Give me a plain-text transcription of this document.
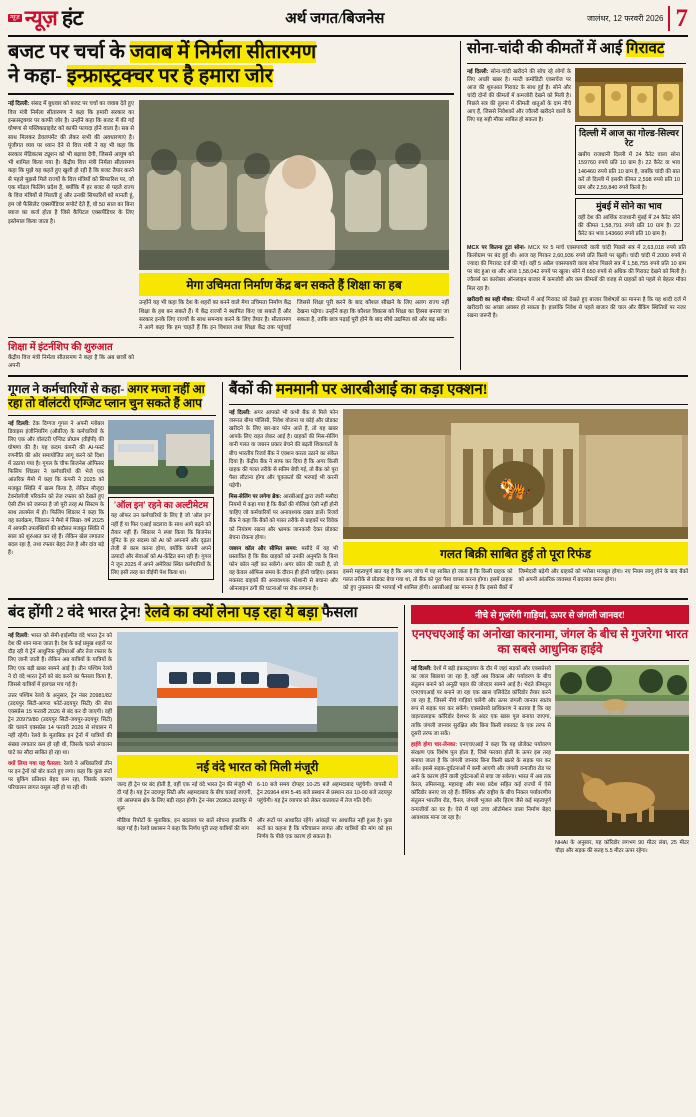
न्यूज़ न्यूज़ हंट	अर्थ जगत/बिजनेस	जालंधर, 12 फरवरी 2026 7
बजट पर चर्चा के जवाब में निर्मला सीतारमण
ने कहा- इन्फ्रास्ट्रक्चर पर है हमारा जोर
नई दिल्ली: संसद में बुधवार को बजट पर चर्चा का जवाब देते हुए वित्त मंत्री निर्मला सीतारमण ने कहा कि हमारी सरकार का इन्फ्रास्ट्रक्चर पर काफी जोर है। उन्होंने कहा कि बजट में की गई घोषणा से पब्लिकप्राइवेट को काफी फायदा होने वाला है। सब से साथ मिलकर डेवलपमेंट की लेकर सभी की अवधारणाएं है। पूंजीगत व्यय पर ध्यान देने से वित्त मंत्री ने यह भी कहा कि सरकार मेडिकल्स ट्यूशन को भी बढ़ावा देगी, जिससे आयुष को भी शामिल किया गया है। केंद्रीय वित्त मंत्री निर्मला सीतारमण कहा कि मुझे यह कहते हुए खुशी हो रही है कि बजट तैयार करने से पहले मुझसे मिले राज्यों के वित्त मंत्रियों को सिफारिश पर, जो एक मॉडल फिलिंग प्रदेश है, क्योंकि मैं हर बजट से पहले राज्य के वित्त मंत्रियों से मिलती हूं और उनकी सिफारिशें को मानती हूं, हम जो फैसिलेट एक्सपेंडिचर सपोर्ट देते हैं, वो 50 साल का बिना ब्याज का कर्ज होता है जिसे कैपिटल एक्सपेंडिचर के लिए इस्तेमाल किया जाता है।
मेगा उचिमता निर्माण केंद्र बन सकते हैं शिक्षा का हब
उन्होंने यह भी कहा कि देश के शहरों का बनने वाले मेगा उचिमता निर्माण केंद्र शिक्षा के हब बन सकते हैं। ये केंद्र राज्यों ने स्थापित किए जा सकते हैं और सरकार इनके लिए राज्यों के साथ समन्वय करने के लिए तैयार है। सीतारमण ने आगे कहा कि हम चाहते हैं कि इन विशाल तथा शिक्षा केंद्र तक पहुंचाई जिससे शिक्षा पूरी करने के बाद कौशल सीखने के लिए अलग राज्य नहीं देखना पड़ेगा। उन्होंने कहा कि कौशल विकास को शिक्षा का हिस्सा बनाया जा सकता है, ताकि छात्र पढ़ाई पूरी होने के बाद सीधे उद्यमिता को ओर बढ़ सकें।
शिक्षा में इंटर्नशिप की शुरुआत
केंद्रीय वित्त मंत्री निर्मला सीतारमण ने कहा है कि अब छात्रों को अपनी
सोना-चांदी की कीमतों में आई गिरावट
नई दिल्ली: सोना-चांदी खरीदने की सोच रहे लोगों के लिए अच्छी खबर है। मल्टी कमोडिटी एक्सचेंज पर आज की शुरुआत गिरावट के साथ हुई है। सोने और चांदी दोनों की कीमतों में कमजोरी देखने को मिली है। पिछले सत्र की तुलना में कीमती धातुओं के दाम नीचे आए हैं, जिससे निवेशकों और ज्वैलरी खरीदने वालों के लिए यह सही मौका साबित हो सकता है।
दिल्ली में आज का गोल्ड-सिल्वर रेट
खबीय राजधानी दिल्ली में 24 कैरेट वाला सोना 159760 रुपये प्रति 10 ग्राम है। 22 कैरेट वा भाव 146460 रुपये प्रति 10 ग्राम है, जबकि चांदी की बात करें तो दिल्ली में इसकी कीमत 2,598 रुपये प्रति 10 ग्राम और 2,59,840 रुपये किलो है।
मुंबई में सोने का भाव
वहीं देश की आर्थिक राजधानी मुंबई में 24 कैरेट सोने की कीमत 1,58,791 रुपये प्रति 10 ग्राम है। 22 कैरेट का भाव 143660 रुपये प्रति 10 ग्राम है।
MCX पर कितना टूटा सोना- MCX पर 5 मार्च एक्सपायरी वाली चांदी पिछले सत्र में 2,63,018 रुपये प्रति किलोग्राम पर बंद हुई थी। आज वह गिरकर 2,60,936 रुपये प्रति किलो पर खुली। चांदी चांदी में 2000 रुपये से ज्यादा की गिरावट दर्ज की गई। वहीं 5 अप्रैल एक्सपायरी वाला सोना पिछले सत्र में 1,58,755 रुपये प्रति 10 ग्राम पर बंद हुआ था और आज 1,58,042 रुपये पर खुला। सोने में 650 रुपये से अधिक की गिरावट देखने को मिली है। ज्वैलर्स का कारोबार ऑनलाइन बाजार में कमजोरी और कम कीमतों की वजह से ग्राहकों को पहले से बेहतर मौका मिल रहा है।
खरीदारी का सही मौका: कीमतों में आई गिरावट को देखते हुए बाजार विशेषज्ञों का मानना है कि यह शादी दर्ज में खरीदारी का अच्छा अवसर हो सकता है। हालांकि निवेश से पहले बाजार की चाल और बैंकिंग स्थितियों पर नजर रखना जरूरी है।
गूगल ने कर्मचारियों से कहा- अगर मजा नहीं आ रहा तो वॉलंटरी एग्जिट प्लान चुन सकते हैं आप
नई दिल्ली: टेक दिग्गज गूगल ने अपनी ग्लोबल डिवाइस इंजीनियरिंग (और्बीज) के कर्मचारियों के लिए एक और वॉलंटरी एग्जिट प्रोग्राम (वीईपी) की घोषणा की है। यह कदम कंपनी की AI-फर्स्ट रणनीति की ओर समायोजित लागू करने को दिशा में उठाया गया है। गूगल के चीफ बिजनेस ऑफिसर फिलिप शिंडलर ने कर्मचारियों की भेजे एक आंतरिक मैमो में कहा कि कंपनी ने 2025 को मजबूत स्थिति में खत्म किया है, लेकिन मौजूदा टेक्नोलॉजी परिवर्तन को तेज रफ्तार को देखते हुए ऐसी टीम को जरूरत है जो पूरी तरह AI सिस्टम के साथ तालमेल में हो। फिलिप शिंडलर ने कहा कि यह कार्यक्रम, जिंडलन ने मैमो में लिखा- वर्ष 2025 में आपकी उपलब्धियों की बदौलत मजबूत स्थिति में साल को शुरुआत कर रहे हैं। लेकिन खेल लगातार बदल रहा है, तथा रफ्तार बेहद तेज है और दांव बड़े हैं।
'ऑल इन' रहने का अल्टीमेटम
यह ऑफर उन कर्मचारियों के लिए है जो 'ऑल इन' नहीं हैं या फिर एआई बदलाव के साथ आगे बढ़ने को तैयार नहीं हैं। शिंडलर ने स्पष्ट किया कि बिजनेस यूनिट के हर सदस्य को AI को अपनाने और दृढ़ता तेजी से काम करना होगा, क्योंकि कंपनी अपने उत्पादों और सेवाओं को AI-केंद्रित बना रही है। गूगल ने जून 2025 में अपने अमेरिका स्थित कर्मचारियों के लिए इसी तरह का वीईपी पेश किया था।
बैंकों की मनमानी पर आरबीआई का कड़ा एक्शन!
नई दिल्ली: अगर आपको भी कभी बैंक से मिले फोन जरूरत बीमा पॉलिसी, निवेश योजना या कोई और प्रोडक्ट खरीदने के लिए बार-बार फोन आते हैं, तो यह खबर आपके लिए राहत लेकर आई है। ग्राहकों की मिस-सेलिंग यानी गलत या जबरन प्रकार बेचने की बढ़ती शिकायतों के बीच भारतीय रिजर्व बैंक ने एक्शन करता उठाने का संकेत दिया है। केंद्रीय बैंक ने साफ कर दिया है कि अगर किसी ग्राहक की गलत तरीके से स्कीम बेची गई, तो बैंक को पूरा पैसा लौटाना होगा और चूककर्ता की भरपाई भी करनी पड़ेगी।
मिस-सेलिंग पर लगेगा ब्रेक: आरबीआई द्वारा जारी मसौदा नियमों में कहा गया है कि बैंकों की गोलियां ऐसी नहीं होनी चाहिए जो कर्मचारियों पर अनावश्यक दबाव डालें। रिजर्व बैंक ने कहा कि बैंकों को गलत तरीके से ग्राहकों पर विवेक को नियंत्रण रखना और भ्रामक जानकारी देकर प्रोडक्ट बेचना रोकना होगा।
जबरन कॉल और सीमित समय: मसौदे में यह भी प्रस्तावित है कि बैंक ग्राहकों को उनकी अनुमति के बिना फोन कॉल नहीं कर सकेंगे। अगर कॉल की जाती है, तो वह केवल ऑफिस समय के दौरान ही होनी चाहिए। इसका मकसद ग्राहकों की अनावश्यक परेशानी से बचाना और ऑनलाइन ठगी की घटनाओं पर रोक लगाना है।
🐅
गलत बिक्री साबित हुई तो पूरा रिफंड
इससे महत्वपूर्ण बात यह है कि अगर जांच में यह साबित हो जाता है कि किसी ग्राहक को गलत तरीके से प्रोडक्ट बेचा गया था, तो बैंक को पूरा पैसा वापस करना होगा। इसमें ग्राहक को हुए नुकसान की भरपाई भी शामिल होगी। आरबीआई का मानना है कि इससे बैंकों में जिम्मेदारी बढ़ेगी और ग्राहकों को भरोसा मजबूत होगा। नए नियम लागू होने के बाद बैंकों को अपनी आंतरिक व्यवस्था में बदलाव करना होगा।
बंद होंगी 2 वंदे भारत ट्रेन! रेलवे का क्यों लेना पड़ रहा ये बड़ा फैसला
नई दिल्ली: भारत को सेमी-हाईस्पीड वंदे भारत ट्रेन को देश की शान माना जाता है। देश के कई प्रमुख शहरों पर दौड़ रही ये ट्रेनें आधुनिक सुविधाओं और तेज रफ्तार के लिए जानी जाती हैं। लेकिन अब यात्रियों के यात्रियों के लिए एक बड़ी खबर सामने आई है। तीन पश्चिम रेलवे ने दो वंदे भारत ट्रेनों को बंद करने का फैसला किया है, जिससे यात्रियों में हलचल मच गई है।
उत्तर पश्चिम रेलवे के अनुसार, ट्रेन नंबर 20981/82 (उदयपुर सिटी-आगरा फोर्ट-उदयपुर सिटी) की सेवा एक्सप्रेस 15 फरवरी 2026 से बंद कर दी जाएगी। वहीं ट्रेन 20979/80 (उदयपुर सिटी-जयपुर-उदयपुर सिटी) की चलाने एक्सप्रेस 14 फरवरी 2026 से संचालन में नहीं रहेगी। रेलवे के मुताबिक इन ट्रेनों में यात्रियों की संख्या लगातार कम हो रही थी, जिसके चलते संचालन घाटे का सौदा साबित हो रहा था।
क्यों लिया गया यह फैसला: रेलवे ने अधिकारियों तीन पर इन ट्रेनों को बोर करते हुए लगा। कहा कि कुछ रूटों पर बुकिंग प्रतिशत बेहद कम रहा, जिसके कारण परिचालन लागत वसूल नहीं हो पा रही थी।
नई वंदे भारत को मिली मंजूरी
जल्द ही ट्रेन घर बंद होती है, वहीं एक नई वंदे भारत ट्रेन की मंजूरी भी दी गई है। यह ट्रेन उदयपुर सिटी और अहमदाबाद के बीच चलाई जाएगी, जो आसपास क्षेत्र के लिए बड़ी राहत होगी। ट्रेन नंबर 26963 उदयपुर से शुरू
6-10 बजे समय दोपहर 10-25 बजे अहमदाबाद पहुंचेगी। वापसी में ट्रेन 26964 शाम 5-45 बजे प्रस्थान से प्रस्थान रात 10-00 बजे उदयपुर पहुंचेगी। यह ट्रेन व्यापार को लेकर यातायात में तेज गति देगी।
मीडिया रिपोर्टों के मुताबिक, इन बदलाव पर बातें सोचना हालांकि में कहा गई है। रेलवे प्रशासन ने कहा कि निर्णय पूरी तरह यात्रियों की मांग
और रूटों पर आधारित रहेंगे। आंकड़ों पर आधारित नहीं हुआ है। कुछ रूटों का कहना है कि परिचालन लागत और यात्रियों की मांग को इस निर्णय के पीछे एक कारण हो सकता है।
नीचे से गुजरेंगी गाड़ियां, ऊपर से जंगली जानवर!
एनएचएआई का अनोखा कारनामा, जंगल के बीच से गुजरेगा भारत का सबसे आधुनिक हाईवे
नई दिल्ली: देशों में बड़ी इंफ्रास्ट्रक्चर के दौर में जहां सड़कों और एक्सप्रेसवे का जाल बिछाया जा रहा है, वहीं अब विकास और पर्यावरण के बीच संतुलन बनाने को अनूठी पहल की जोरदार सामने आई है। भेदते कीमतूल एनएचएआई पर बनाने जा रहा एक खास एलिवेटेड कॉरिडोर तैयार करने जा रहा है, जिसमें नीचे गाड़ियां चलेंगी और ऊपर जंगली जानवर स्वतंत्र रूप से सड़क पार कर सकेंगे। एक्सप्रेसवे प्राधिकरण ने बताया है कि यह वाइल्डलाइफ कॉरिडोर देशभर के अंदर एक खास पूल बनाया जाएगा, ताकि जंगली जानवर सुरक्षित और बिना किसी रुकावट के एक तरफ से दूसरी तरफ जा सकें।
हाईवे होगा चार-लेनका: एनएचएआई ने कहा कि यह प्रोजेक्ट पर्यावरण संरक्षण एक विशेष पूल होता है, जिसे फरवरा होती के ऊपर इस तरह बनाया जाता है कि जंगली जानवर बिना किसी खतरे के सड़क पार कर सकें। इससे सड़क-दुर्घटनाओं में कमी आएगी और जंगली वन्यजीव रोड पर आने के कारण होने वाली दुर्घटनाओं से बचा जा सकेगा। भारत में अब तक केरल, तमिलनाडु, महाराष्ट्र और मध्य प्रदेश सहित कई राज्यों में ऐसे कॉरिडोर बनाए जा रहे हैं। वैश्विक और राष्ट्रीय के बीच निकल पर्यावरणीय संतुलन भारतीय रोड, चैनल, जंगली भूजल और हिरण जैसे कई महत्वपूर्ण वन्यजीवों का घर है। ऐसे में यहां उच्च ऑटोमेशन वाला निर्माण बेहद आवश्यक माना जा रहा है।
NHAI के अनुसार, यह कॉरिडोर लगभग 90 मीटर लंबा, 25 मीटर चौड़ा और सड़क की सतह 5.5 मीटर ऊपर रहेगा।
